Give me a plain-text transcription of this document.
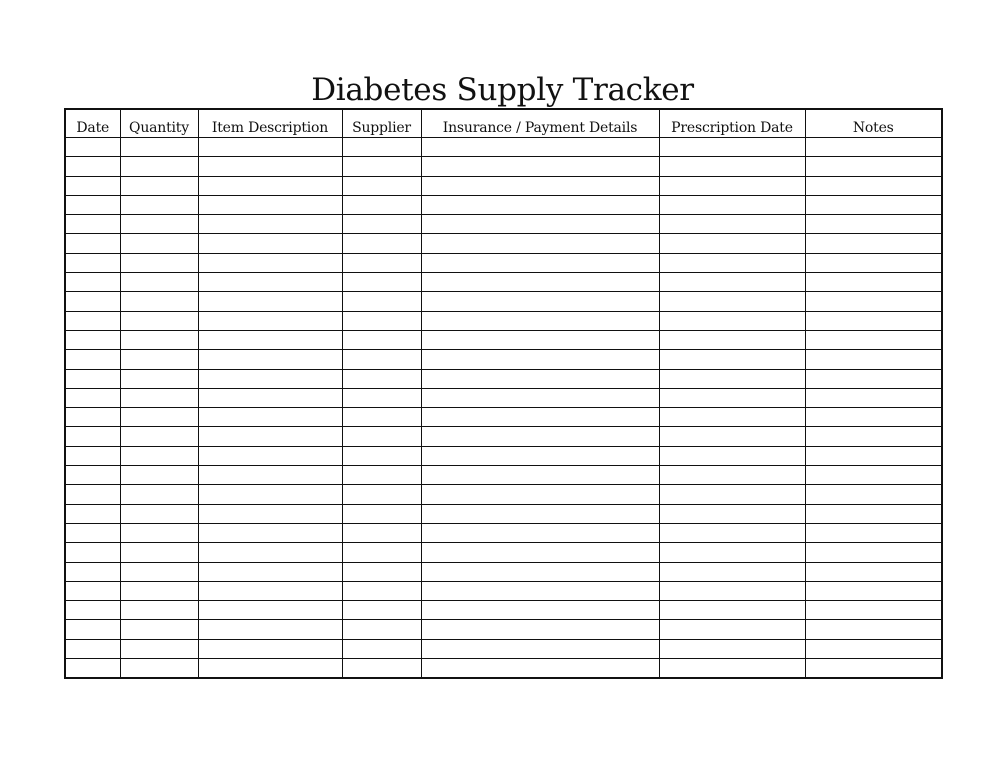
Diabetes Supply Tracker
Date	Quantity	Item Description	Supplier	Insurance / Payment Details	Prescription Date	Notes
